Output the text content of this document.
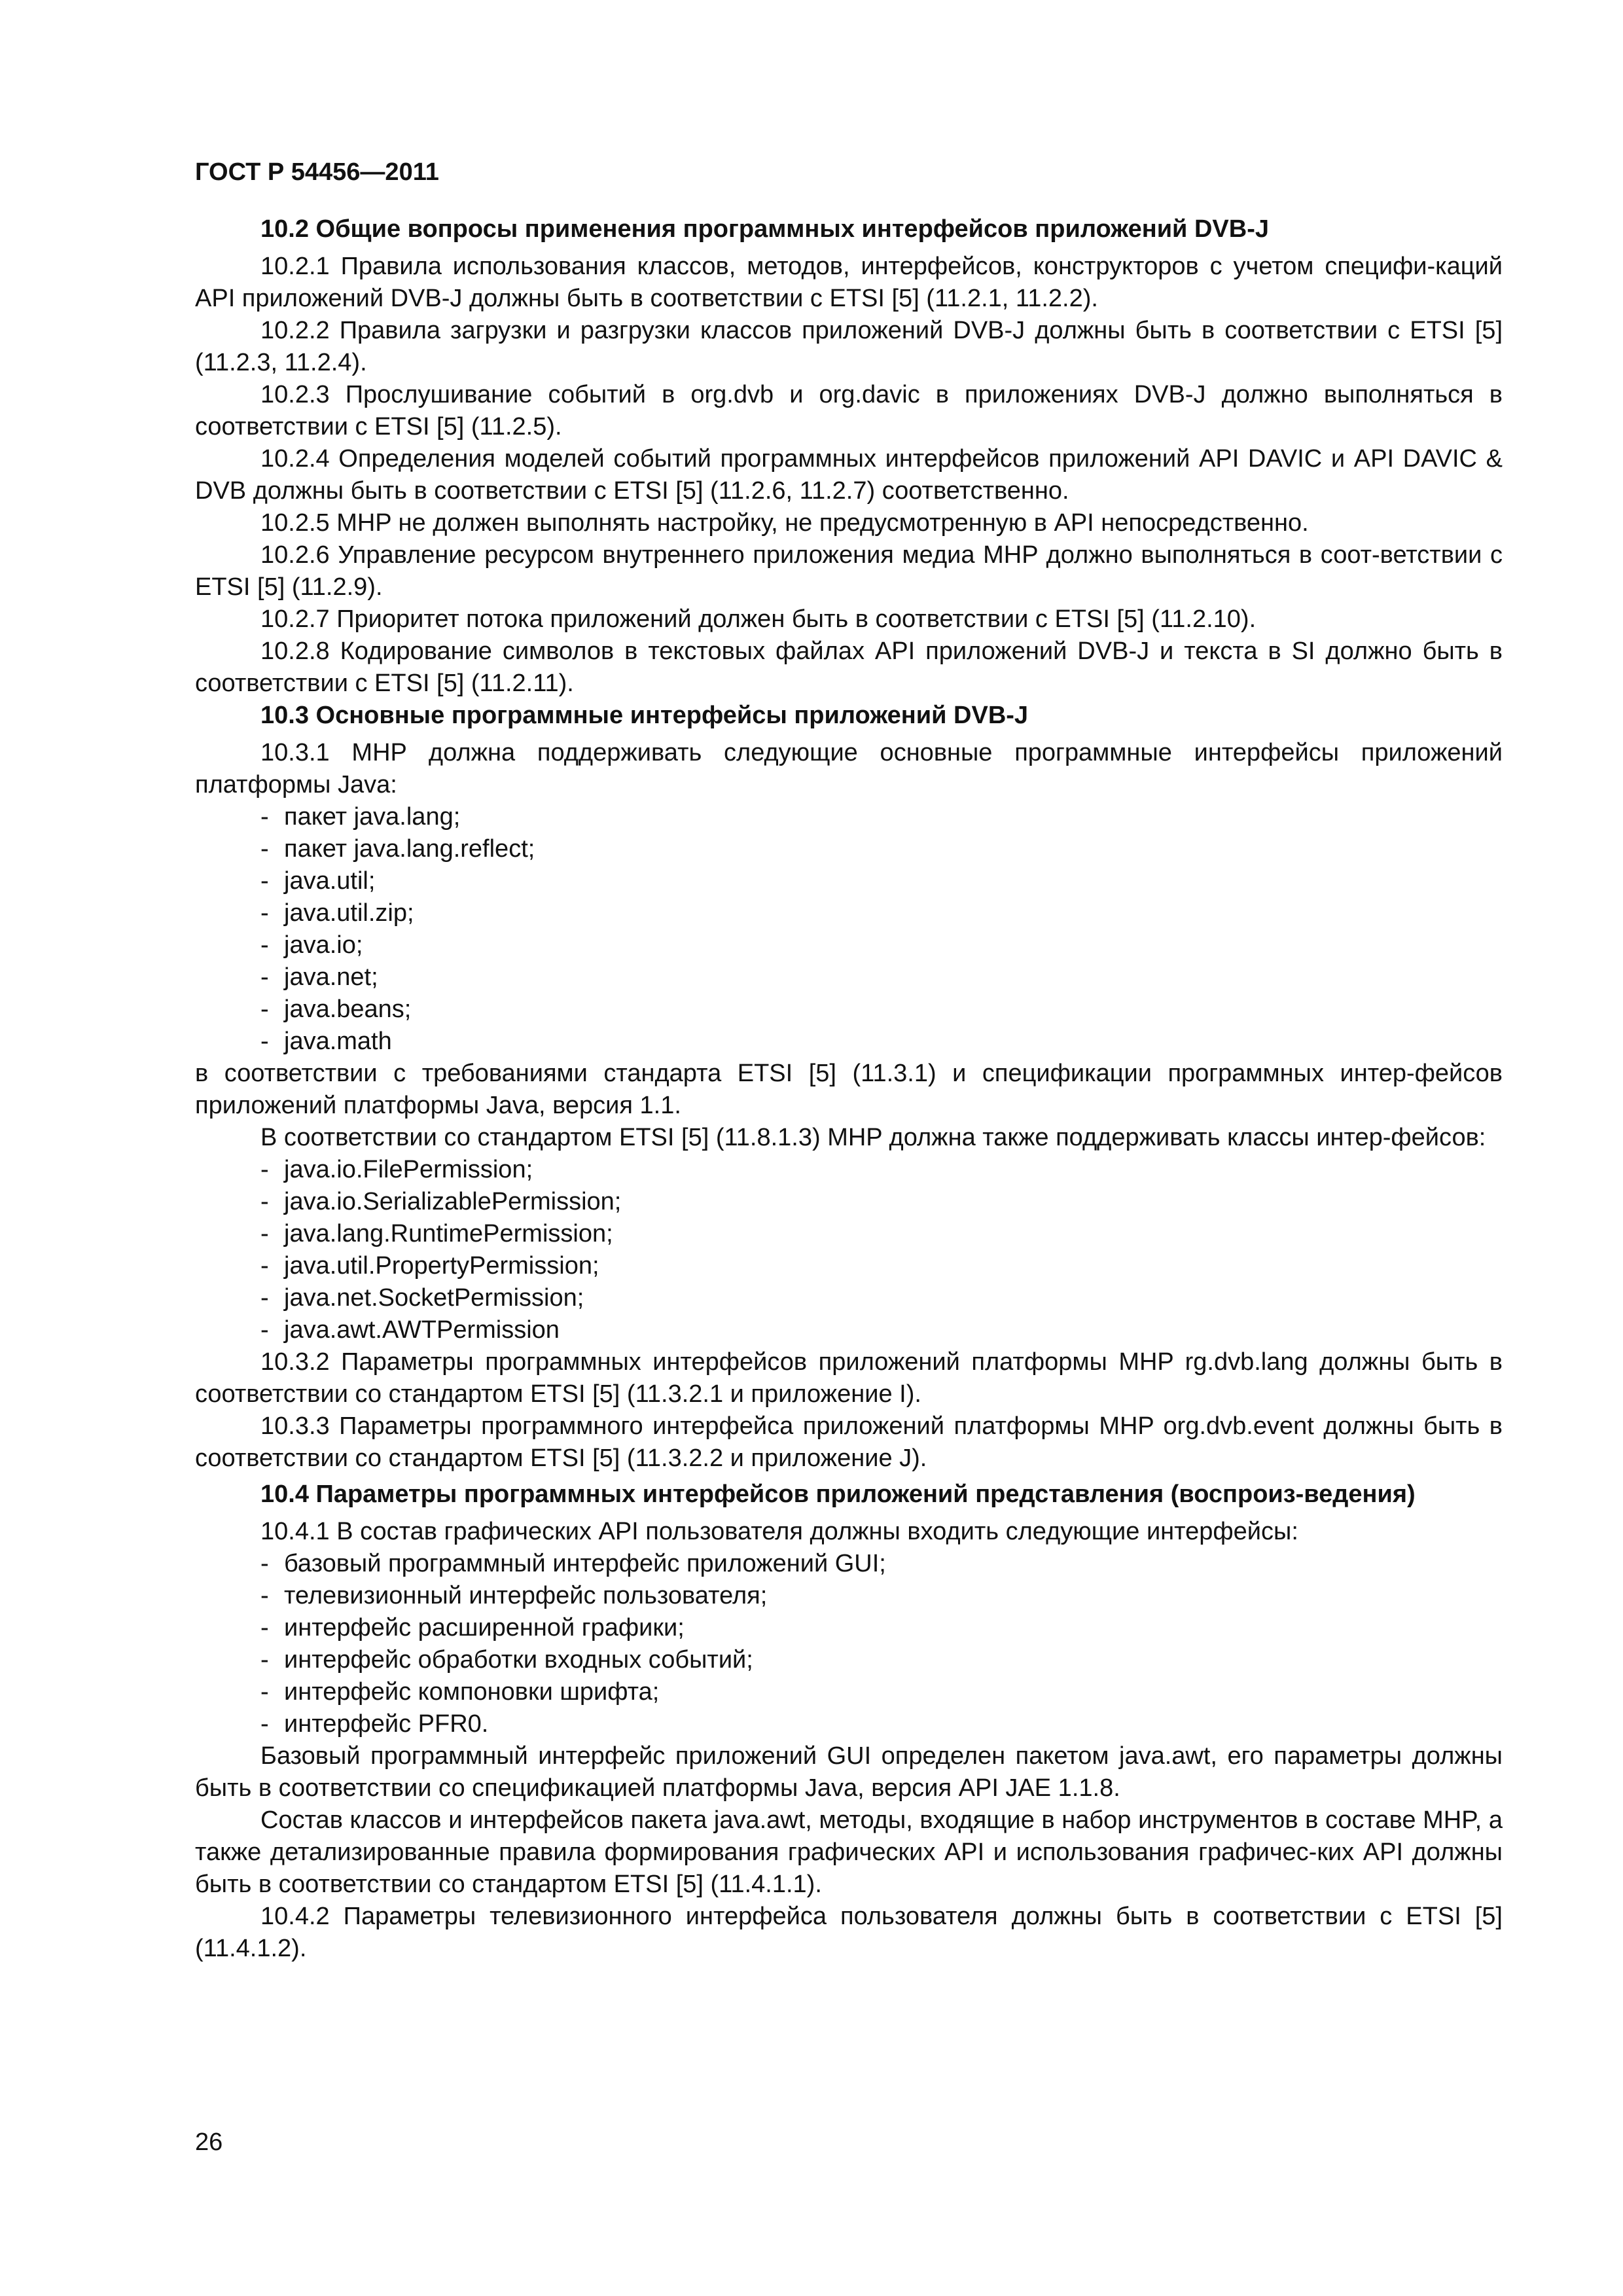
ГОСТ Р 54456—2011
10.2 Общие вопросы применения программных интерфейсов приложений DVB-J

10.2.1 Правила использования классов, методов, интерфейсов, конструкторов с учетом специфи-каций API приложений DVB-J должны быть в соответствии с ETSI [5] (11.2.1, 11.2.2).

10.2.2 Правила загрузки и разгрузки классов приложений DVB-J должны быть в соответствии с ETSI [5] (11.2.3, 11.2.4).

10.2.3 Прослушивание событий в org.dvb и org.davic в приложениях DVB-J должно выполняться в соответствии с ETSI [5] (11.2.5).

10.2.4 Определения моделей событий программных интерфейсов приложений API DAVIC и API DAVIC & DVB должны быть в соответствии с ETSI [5] (11.2.6, 11.2.7) соответственно.

10.2.5 MHP не должен выполнять настройку, не предусмотренную в API непосредственно.

10.2.6 Управление ресурсом внутреннего приложения медиа MHP должно выполняться в соот-ветствии с ETSI [5] (11.2.9).

10.2.7 Приоритет потока приложений должен быть в соответствии с ETSI [5] (11.2.10).

10.2.8 Кодирование символов в текстовых файлах API приложений DVB-J и текста в SI должно быть в соответствии с ETSI [5] (11.2.11).

10.3 Основные программные интерфейсы приложений DVB-J

10.3.1 MHP должна поддерживать следующие основные программные интерфейсы приложений платформы Java:

- пакет java.lang;
- пакет java.lang.reflect;
- java.util;
- java.util.zip;
- java.io;
- java.net;
- java.beans;
- java.math

в соответствии с требованиями стандарта ETSI [5] (11.3.1) и спецификации программных интер-фейсов приложений платформы Java, версия 1.1.

В соответствии со стандартом ETSI [5] (11.8.1.3) MHP должна также поддерживать классы интер-фейсов:

- java.io.FilePermission;
- java.io.SerializablePermission;
- java.lang.RuntimePermission;
- java.util.PropertyPermission;
- java.net.SocketPermission;
- java.awt.AWTPermission

10.3.2 Параметры программных интерфейсов приложений платформы MHP rg.dvb.lang должны быть в соответствии со стандартом ETSI [5] (11.3.2.1 и приложение I).

10.3.3 Параметры программного интерфейса приложений платформы MHP org.dvb.event должны быть в соответствии со стандартом ETSI [5] (11.3.2.2 и приложение J).

10.4 Параметры программных интерфейсов приложений представления (воспроиз-ведения)

10.4.1 В состав графических API пользователя должны входить следующие интерфейсы:

- базовый программный интерфейс приложений GUI;
- телевизионный интерфейс пользователя;
- интерфейс расширенной графики;
- интерфейс обработки входных событий;
- интерфейс компоновки шрифта;
- интерфейс PFR0.

Базовый программный интерфейс приложений GUI определен пакетом java.awt, его параметры должны быть в соответствии со спецификацией платформы Java, версия API JAE 1.1.8.

Состав классов и интерфейсов пакета java.awt, методы, входящие в набор инструментов в составе MHP, а также детализированные правила формирования графических API и использования графичес-ких API должны быть в соответствии со стандартом ETSI [5] (11.4.1.1).

10.4.2 Параметры телевизионного интерфейса пользователя должны быть в соответствии с ETSI [5] (11.4.1.2).

26
